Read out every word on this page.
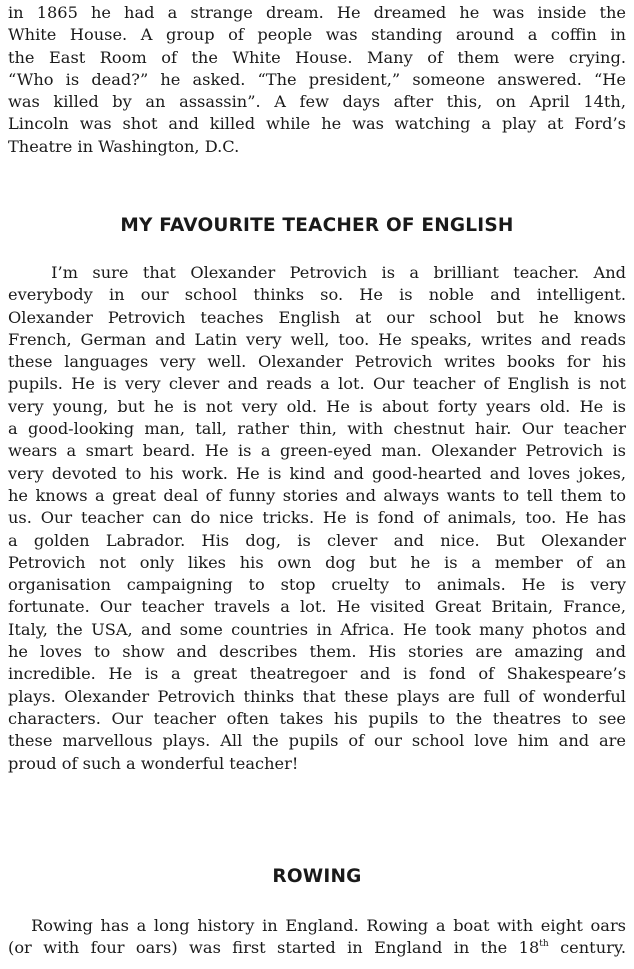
in 1865 he had a strange dream. He dreamed he was inside the
White House. A group of people was standing around a coffin in
the East Room of the White House. Many of them were crying.
“Who is dead?” he asked. “The president,” someone answered. “He
was killed by an assassin”. A few days after this, on April 14th,
Lincoln was shot and killed while he was watching a play at Ford’s
Theatre in Washington, D.C.
MY FAVOURITE TEACHER OF ENGLISH
I’m sure that Olexander Petrovich is a brilliant teacher. And
everybody in our school thinks so. He is noble and intelligent.
Olexander Petrovich teaches English at our school but he knows
French, German and Latin very well, too. He speaks, writes and reads
these languages very well. Olexander Petrovich writes books for his
pupils. He is very clever and reads a lot. Our teacher of English is not
very young, but he is not very old. He is about forty years old. He is
a good-looking man, tall, rather thin, with chestnut hair. Our teacher
wears a smart beard. He is a green-eyed man. Olexander Petrovich is
very devoted to his work. He is kind and good-hearted and loves jokes,
he knows a great deal of funny stories and always wants to tell them to
us. Our teacher can do nice tricks. He is fond of animals, too. He has
a golden Labrador. His dog, is clever and nice. But Olexander
Petrovich not only likes his own dog but he is a member of an
organisation campaigning to stop cruelty to animals. He is very
fortunate. Our teacher travels a lot. He visited Great Britain, France,
Italy, the USA, and some countries in Africa. He took many photos and
he loves to show and describes them. His stories are amazing and
incredible. He is a great theatregoer and is fond of Shakespeare’s
plays. Olexander Petrovich thinks that these plays are full of wonderful
characters. Our teacher often takes his pupils to the theatres to see
these marvellous plays. All the pupils of our school love him and are
proud of such a wonderful teacher!
ROWING
Rowing has a long history in England. Rowing a boat with eight oars
(or with four oars) was first started in England in the 18th century.
